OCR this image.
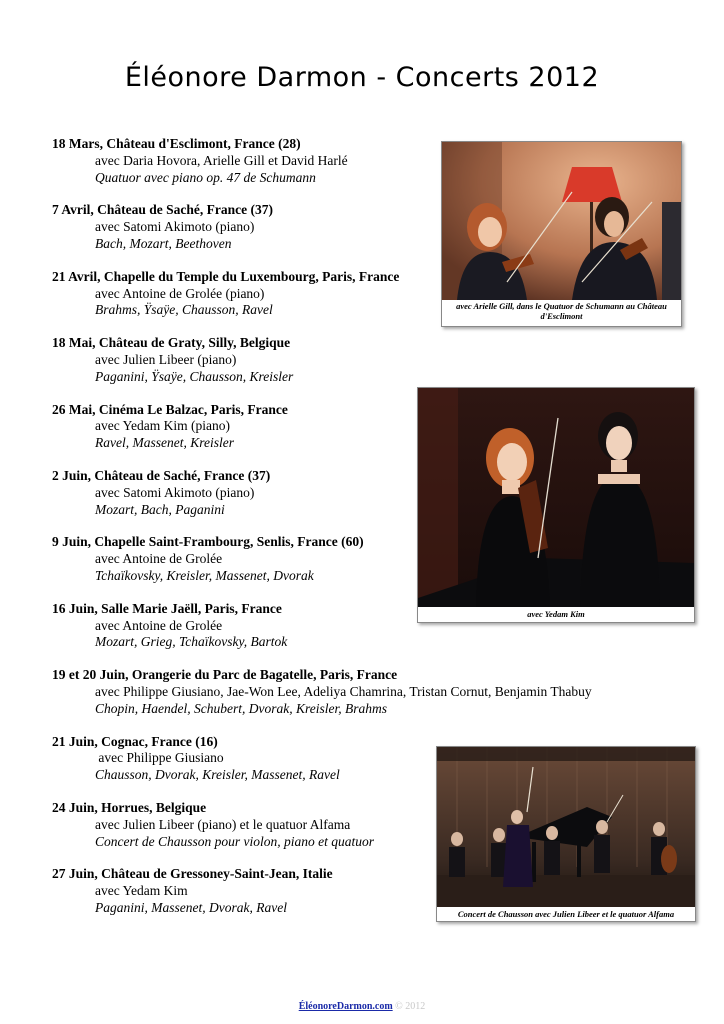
Éléonore Darmon - Concerts 2012
18 Mars, Château d'Esclimont, France (28)
avec Daria Hovora, Arielle Gill et David Harlé
Quatuor avec piano op. 47 de Schumann
7 Avril, Château de Saché, France (37)
avec Satomi Akimoto (piano)
Bach, Mozart, Beethoven
21 Avril, Chapelle du Temple du Luxembourg, Paris, France
avec Antoine de Grolée (piano)
Brahms, Ÿsaÿe, Chausson, Ravel
18 Mai, Château de Graty, Silly, Belgique
avec Julien Libeer (piano)
Paganini, Ÿsaÿe, Chausson, Kreisler
26 Mai, Cinéma Le Balzac, Paris, France
avec Yedam Kim (piano)
Ravel, Massenet, Kreisler
2 Juin, Château de Saché, France (37)
avec Satomi Akimoto (piano)
Mozart, Bach, Paganini
9 Juin, Chapelle Saint-Frambourg, Senlis, France (60)
avec Antoine de Grolée
Tchaïkovsky, Kreisler, Massenet, Dvorak
16 Juin, Salle Marie Jaëll, Paris, France
avec Antoine de Grolée
Mozart, Grieg, Tchaïkovsky, Bartok
19 et 20 Juin, Orangerie du Parc de Bagatelle, Paris, France
avec Philippe Giusiano, Jae-Won Lee, Adeliya Chamrina, Tristan Cornut, Benjamin Thabuy
Chopin, Haendel, Schubert, Dvorak, Kreisler, Brahms
21 Juin, Cognac, France (16)
avec Philippe Giusiano
Chausson, Dvorak, Kreisler, Massenet, Ravel
24 Juin, Horrues, Belgique
avec Julien Libeer (piano) et le quatuor Alfama
Concert de Chausson pour violon, piano et quatuor
27 Juin, Château de Gressoney-Saint-Jean, Italie
avec Yedam Kim
Paganini, Massenet, Dvorak, Ravel
avec Arielle Gill, dans le Quatuor de Schumann au Château d'Esclimont
avec Yedam Kim
Concert de Chausson avec Julien Libeer et le quatuor Alfama
ÉléonoreDarmon.com © 2012
